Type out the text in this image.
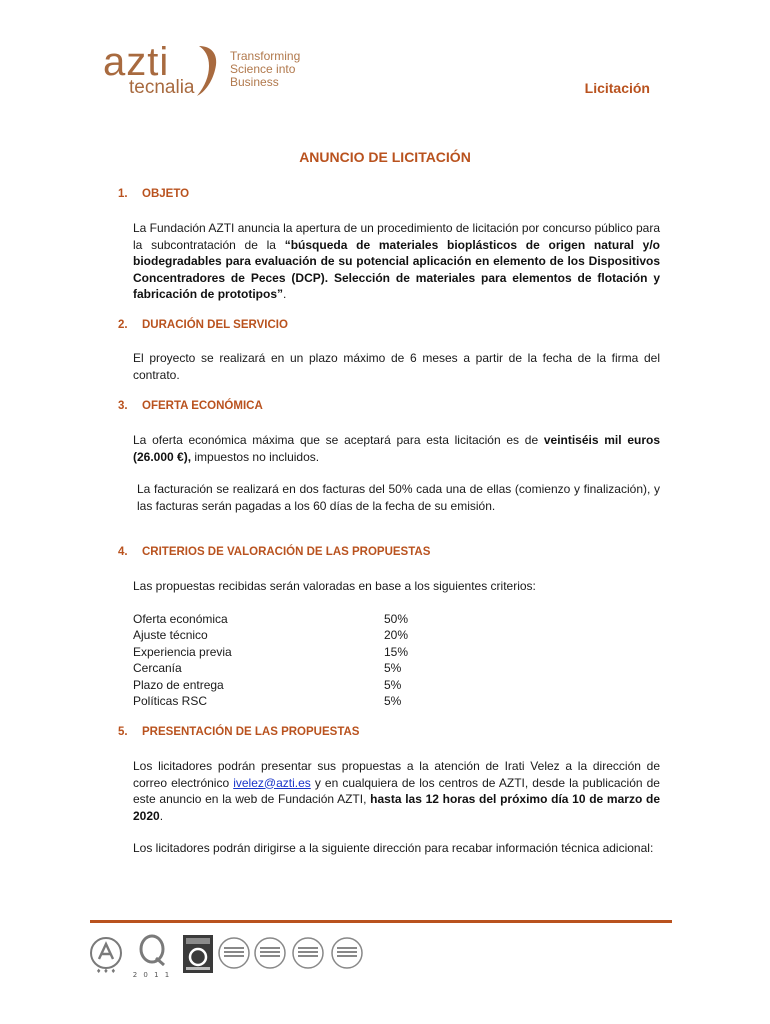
azti
tecnalia
Transforming
Science into
Business	Licitación
ANUNCIO DE LICITACIÓN
1. OBJETO
La Fundación AZTI anuncia la apertura de un procedimiento de licitación por concurso público para la subcontratación de la “búsqueda de materiales bioplásticos de origen natural y/o biodegradables para evaluación de su potencial aplicación en elemento de los Dispositivos Concentradores de Peces (DCP). Selección de materiales para elementos de flotación y fabricación de prototipos”.
2. DURACIÓN DEL SERVICIO
El proyecto se realizará en un plazo máximo de 6 meses a partir de la fecha de la firma del contrato.
3. OFERTA ECONÓMICA
La oferta económica máxima que se aceptará para esta licitación es de veintiséis mil euros (26.000 €), impuestos no incluidos.
La facturación se realizará en dos facturas del 50% cada una de ellas (comienzo y finalización), y las facturas serán pagadas a los 60 días de la fecha de su emisión.
4. CRITERIOS DE VALORACIÓN DE LAS PROPUESTAS
Las propuestas recibidas serán valoradas en base a los siguientes criterios:
Oferta económica	50%
Ajuste técnico	20%
Experiencia previa	15%
Cercanía	5%
Plazo de entrega	5%
Políticas RSC	5%
5. PRESENTACIÓN DE LAS PROPUESTAS
Los licitadores podrán presentar sus propuestas a la atención de Irati Velez a la dirección de correo electrónico ivelez@azti.es y en cualquiera de los centros de AZTI, desde la publicación de este anuncio en la web de Fundación AZTI, hasta las 12 horas del próximo día 10 de marzo de 2020.
Los licitadores podrán dirigirse a la siguiente dirección para recabar información técnica adicional:
♦ ♦ ♦	2 0 1 1
